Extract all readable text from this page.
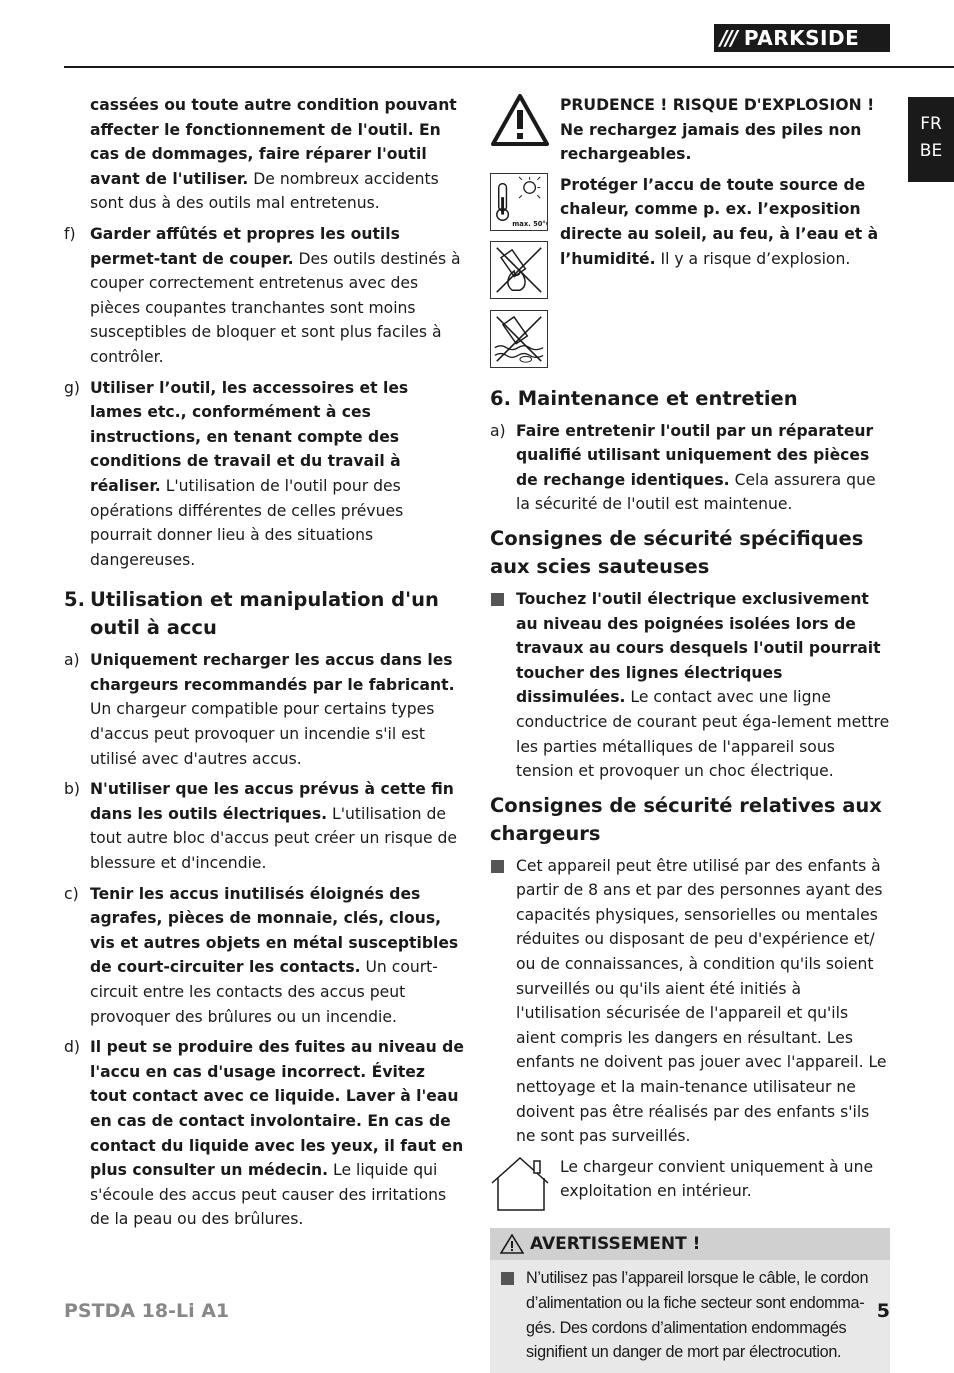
/// PARKSIDE
FR
BE
cassées ou toute autre condition pouvant affecter le fonctionnement de l'outil. En cas de dommages, faire réparer l'outil avant de l'utiliser. De nombreux accidents sont dus à des outils mal entretenus.
f) Garder affûtés et propres les outils permet-tant de couper. Des outils destinés à couper correctement entretenus avec des pièces coupantes tranchantes sont moins susceptibles de bloquer et sont plus faciles à contrôler.
g) Utiliser l’outil, les accessoires et les lames etc., conformément à ces instructions, en tenant compte des conditions de travail et du travail à réaliser. L'utilisation de l'outil pour des opérations différentes de celles prévues pourrait donner lieu à des situations dangereuses.
5. Utilisation et manipulation d'un outil à accu
a) Uniquement recharger les accus dans les chargeurs recommandés par le fabricant. Un chargeur compatible pour certains types d'accus peut provoquer un incendie s'il est utilisé avec d'autres accus.
b) N'utiliser que les accus prévus à cette fin dans les outils électriques. L'utilisation de tout autre bloc d'accus peut créer un risque de blessure et d'incendie.
c) Tenir les accus inutilisés éloignés des agrafes, pièces de monnaie, clés, clous, vis et autres objets en métal susceptibles de court-circuiter les contacts. Un court-circuit entre les contacts des accus peut provoquer des brûlures ou un incendie.
d) Il peut se produire des fuites au niveau de l'accu en cas d'usage incorrect. Évitez tout contact avec ce liquide. Laver à l'eau en cas de contact involontaire. En cas de contact du liquide avec les yeux, il faut en plus consulter un médecin. Le liquide qui s'écoule des accus peut causer des irritations de la peau ou des brûlures.
PRUDENCE ! RISQUE D'EXPLOSION ! Ne rechargez jamais des piles non rechargeables.
max. 50°C

Protéger l’accu de toute source de chaleur, comme p. ex. l’exposition directe au soleil, au feu, à l’eau et à l’humidité. Il y a risque d’explosion.
6. Maintenance et entretien
a) Faire entretenir l'outil par un réparateur qualifié utilisant uniquement des pièces de rechange identiques. Cela assurera que la sécurité de l'outil est maintenue.
Consignes de sécurité spécifiques aux scies sauteuses
Touchez l'outil électrique exclusivement au niveau des poignées isolées lors de travaux au cours desquels l'outil pourrait toucher des lignes électriques dissimulées. Le contact avec une ligne conductrice de courant peut éga-lement mettre les parties métalliques de l'appareil sous tension et provoquer un choc électrique.
Consignes de sécurité relatives aux chargeurs
Cet appareil peut être utilisé par des enfants à partir de 8 ans et par des personnes ayant des capacités physiques, sensorielles ou mentales réduites ou disposant de peu d'expérience et/ ou de connaissances, à condition qu'ils soient surveillés ou qu'ils aient été initiés à l'utilisation sécurisée de l'appareil et qu'ils aient compris les dangers en résultant. Les enfants ne doivent pas jouer avec l'appareil. Le nettoyage et la main-tenance utilisateur ne doivent pas être réalisés par des enfants s'ils ne sont pas surveillés.
Le chargeur convient uniquement à une exploitation en intérieur.
AVERTISSEMENT !
N’utilisez pas l’appareil lorsque le câble, le cordon d’alimentation ou la fiche secteur sont endomma-gés. Des cordons d’alimentation endommagés signifient un danger de mort par électrocution.
PSTDA 18-Li A1	5
